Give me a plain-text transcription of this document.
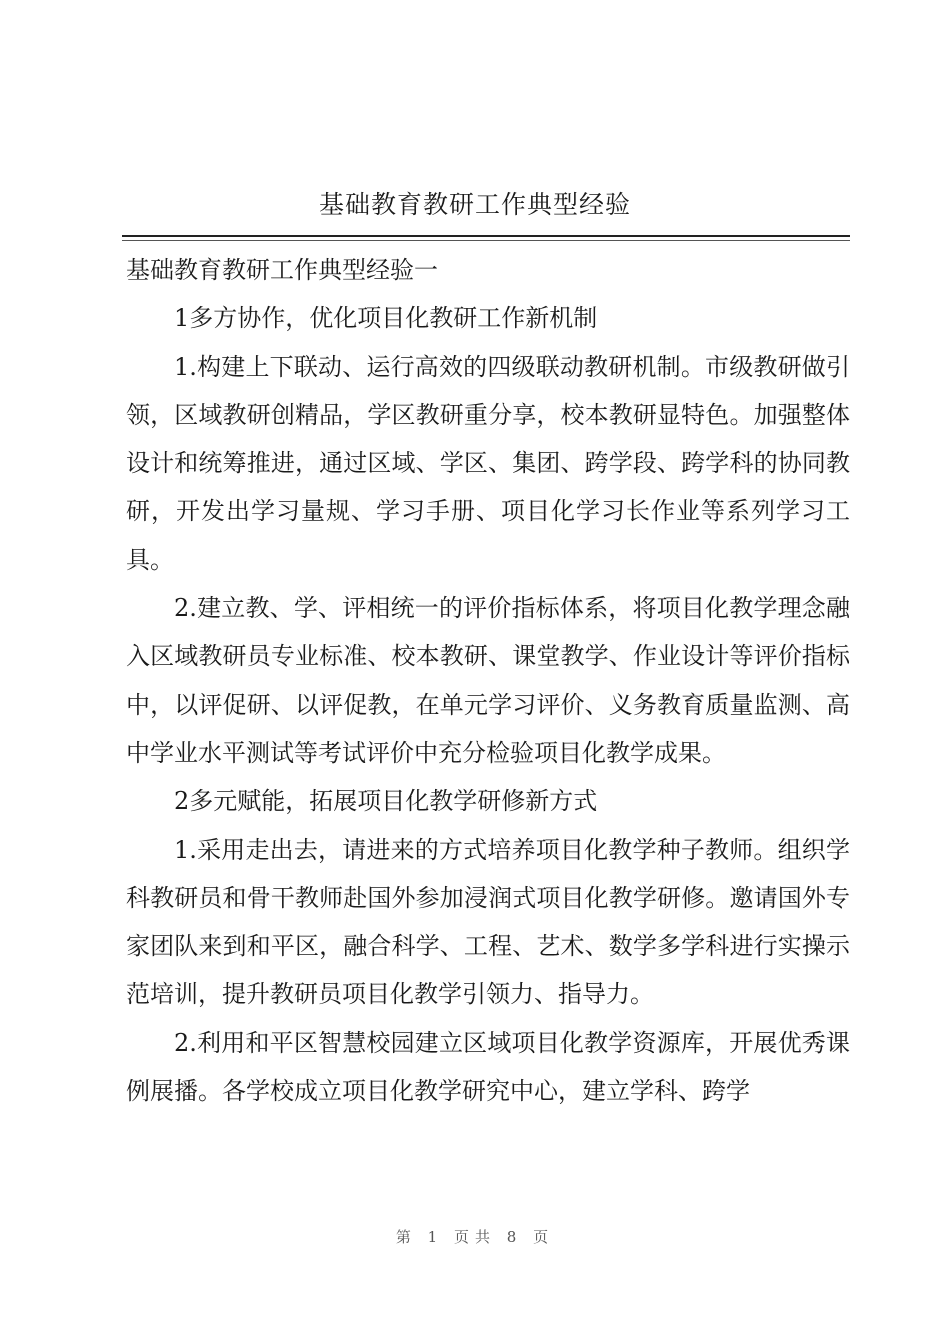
基础教育教研工作典型经验

基础教育教研工作典型经验一

1多方协作，优化项目化教研工作新机制

1.构建上下联动、运行高效的四级联动教研机制。市级教研做引领，区域教研创精品，学区教研重分享，校本教研显特色。加强整体设计和统筹推进，通过区域、学区、集团、跨学段、跨学科的协同教研，开发出学习量规、学习手册、项目化学习长作业等系列学习工具。

2.建立教、学、评相统一的评价指标体系，将项目化教学理念融入区域教研员专业标准、校本教研、课堂教学、作业设计等评价指标中，以评促研、以评促教，在单元学习评价、义务教育质量监测、高中学业水平测试等考试评价中充分检验项目化教学成果。

2多元赋能，拓展项目化教学研修新方式

1.采用走出去，请进来的方式培养项目化教学种子教师。组织学科教研员和骨干教师赴国外参加浸润式项目化教学研修。邀请国外专家团队来到和平区，融合科学、工程、艺术、数学多学科进行实操示范培训，提升教研员项目化教学引领力、指导力。

2.利用和平区智慧校园建立区域项目化教学资源库，开展优秀课例展播。各学校成立项目化教学研究中心，建立学科、跨学

第 1 页共 8 页
